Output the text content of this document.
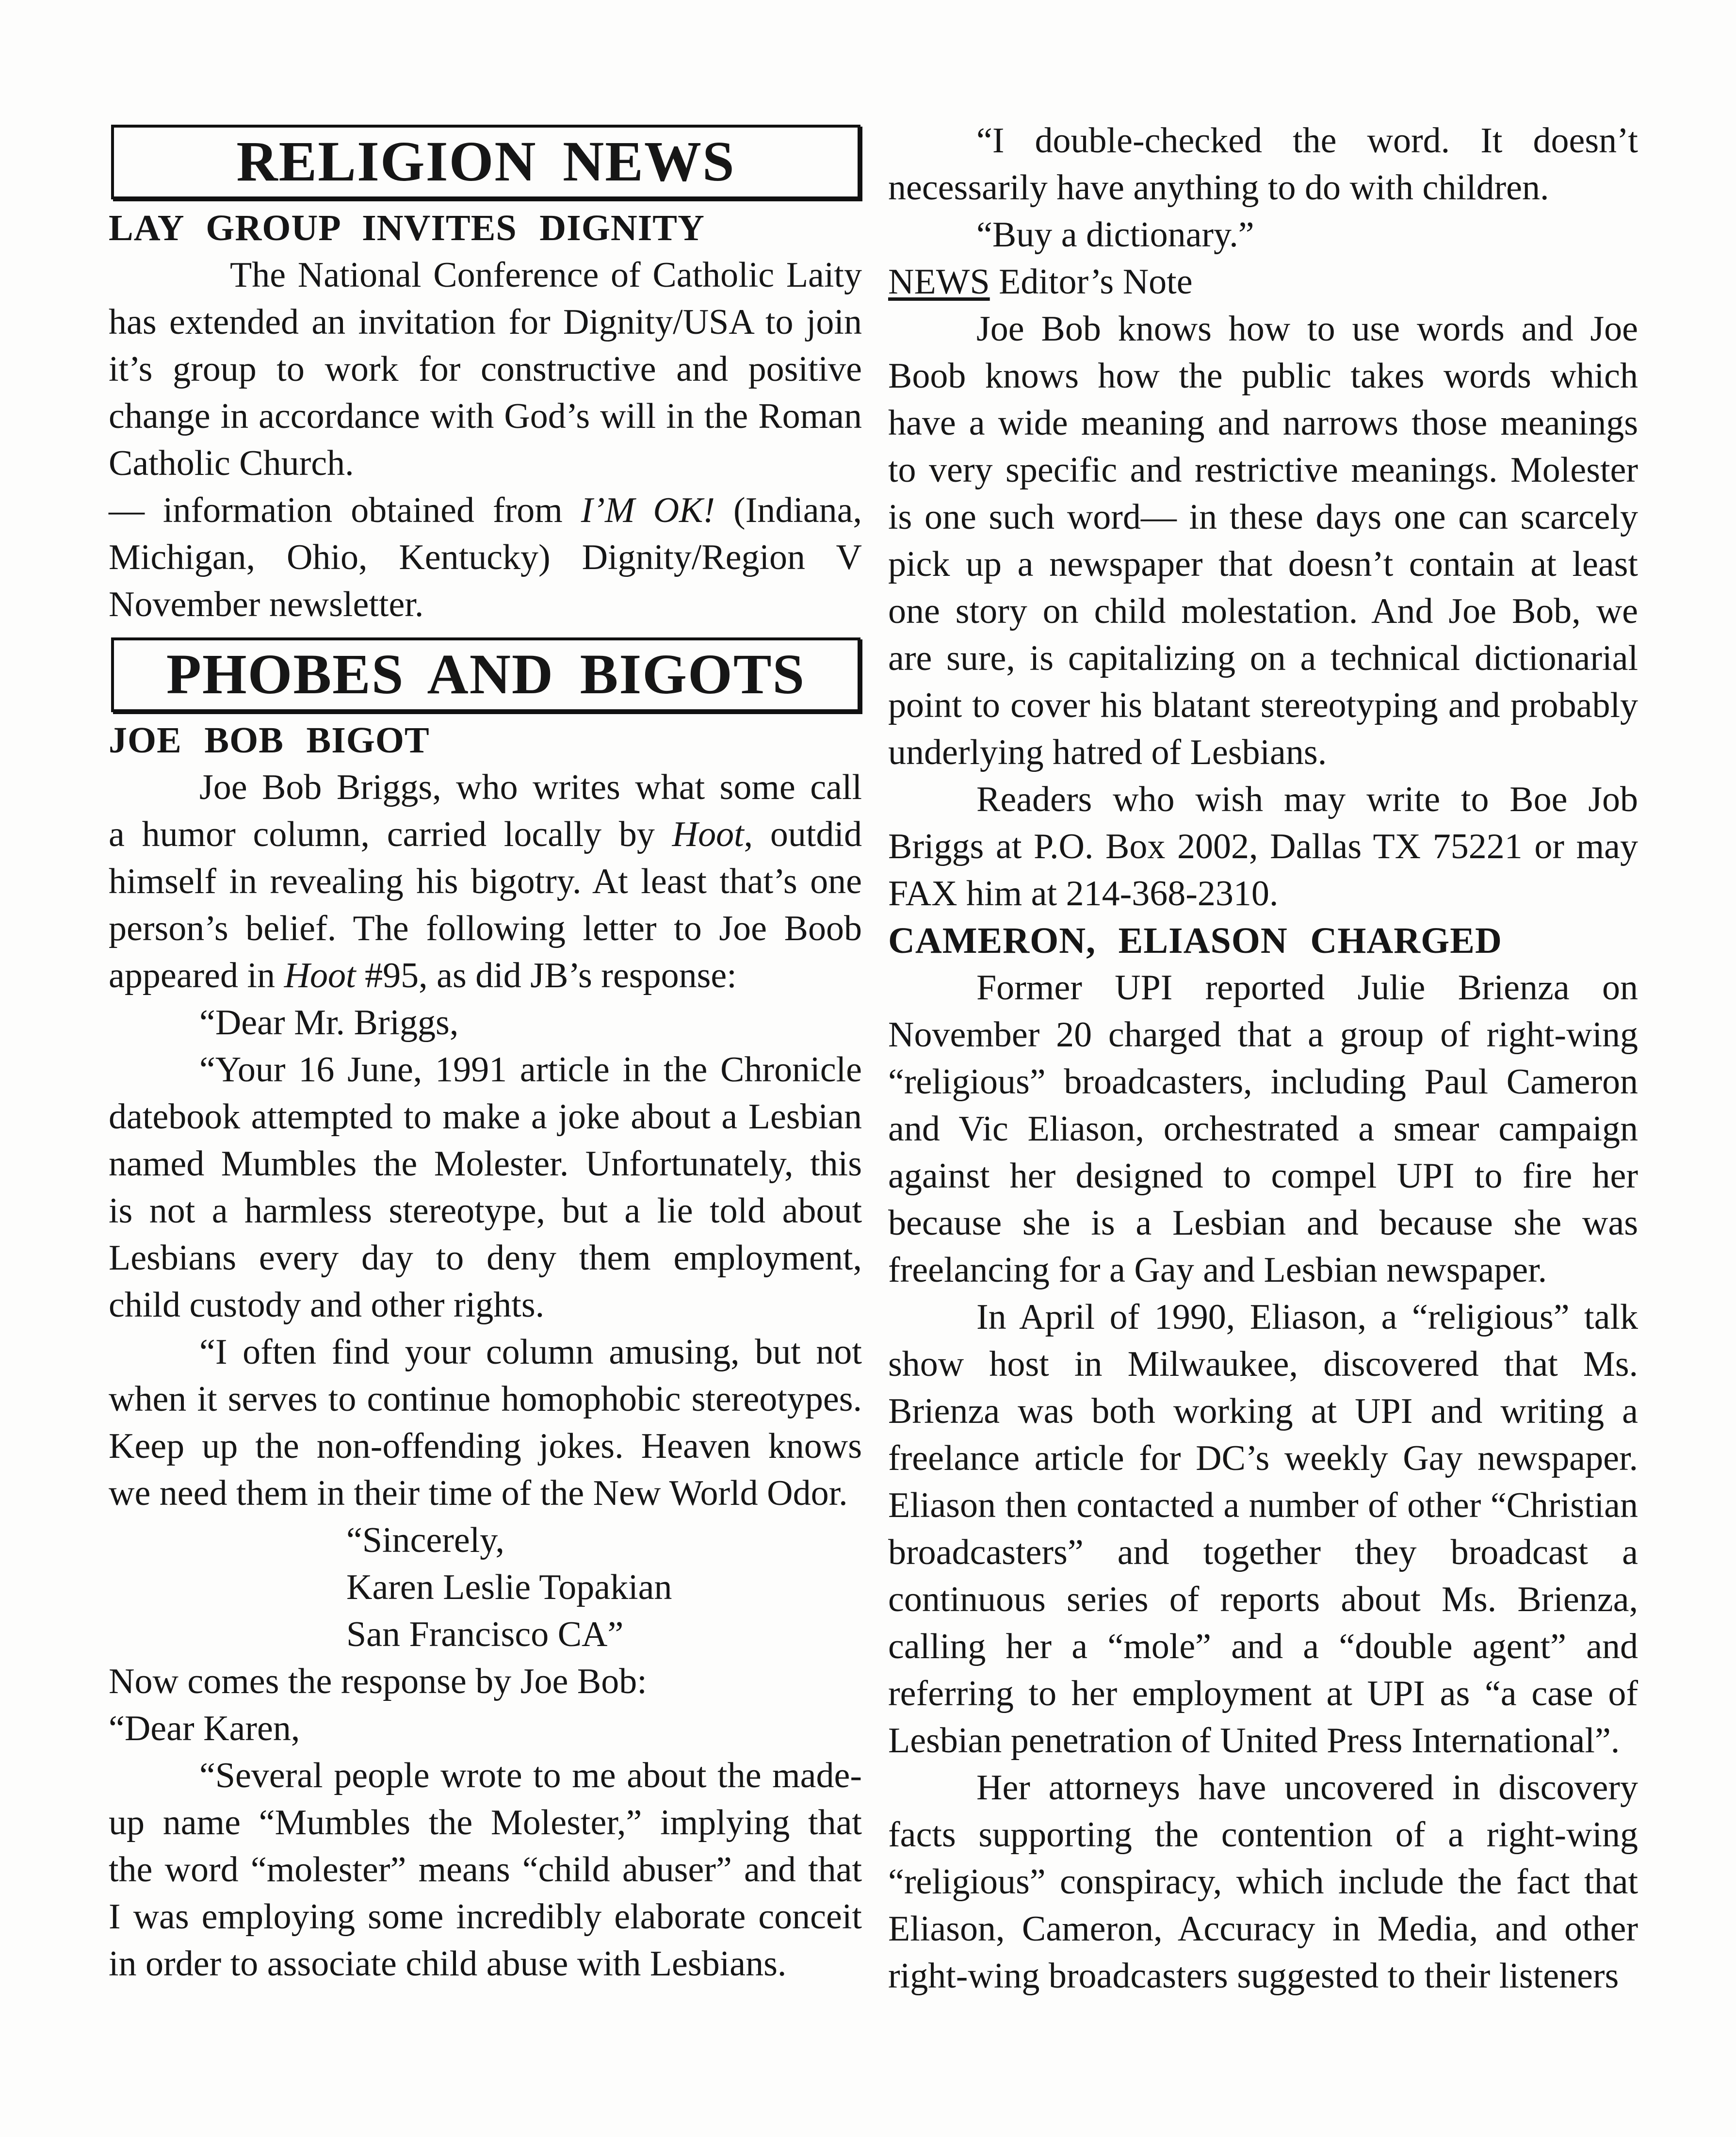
RELIGION NEWS
LAY GROUP INVITES DIGNITY
The National Conference of Catholic Laity
has extended an invitation for Dignity/USA to join
it’s group to work for constructive and positive
change in accordance with God’s will in the Roman
Catholic Church.
— information obtained from I’M OK! (Indiana,
Michigan, Ohio, Kentucky) Dignity/Region V
November newsletter.
PHOBES AND BIGOTS
JOE BOB BIGOT
Joe Bob Briggs, who writes what some call
a humor column, carried locally by Hoot, outdid
himself in revealing his bigotry. At least that’s one
person’s belief. The following letter to Joe Boob
appeared in Hoot #95, as did JB’s response:
“Dear Mr. Briggs,
“Your 16 June, 1991 article in the Chronicle
datebook attempted to make a joke about a Lesbian
named Mumbles the Molester. Unfortunately, this
is not a harmless stereotype, but a lie told about
Lesbians every day to deny them employment,
child custody and other rights.
“I often find your column amusing, but not
when it serves to continue homophobic stereotypes.
Keep up the non-offending jokes. Heaven knows
we need them in their time of the New World Odor.
“Sincerely,
Karen Leslie Topakian
San Francisco CA”
Now comes the response by Joe Bob:
“Dear Karen,
“Several people wrote to me about the made-
up name “Mumbles the Molester,” implying that
the word “molester” means “child abuser” and that
I was employing some incredibly elaborate conceit
in order to associate child abuse with Lesbians.
“I double-checked the word. It doesn’t
necessarily have anything to do with children.
“Buy a dictionary.”
NEWS Editor’s Note
Joe Bob knows how to use words and Joe
Boob knows how the public takes words which
have a wide meaning and narrows those meanings
to very specific and restrictive meanings. Molester
is one such word— in these days one can scarcely
pick up a newspaper that doesn’t contain at least
one story on child molestation. And Joe Bob, we
are sure, is capitalizing on a technical dictionarial
point to cover his blatant stereotyping and probably
underlying hatred of Lesbians.
Readers who wish may write to Boe Job
Briggs at P.O. Box 2002, Dallas TX 75221 or may
FAX him at 214-368-2310.
CAMERON, ELIASON CHARGED
Former UPI reported Julie Brienza on
November 20 charged that a group of right-wing
“religious” broadcasters, including Paul Cameron
and Vic Eliason, orchestrated a smear campaign
against her designed to compel UPI to fire her
because she is a Lesbian and because she was
freelancing for a Gay and Lesbian newspaper.
In April of 1990, Eliason, a “religious” talk
show host in Milwaukee, discovered that Ms.
Brienza was both working at UPI and writing a
freelance article for DC’s weekly Gay newspaper.
Eliason then contacted a number of other “Christian
broadcasters” and together they broadcast a
continuous series of reports about Ms. Brienza,
calling her a “mole” and a “double agent” and
referring to her employment at UPI as “a case of
Lesbian penetration of United Press International”.
Her attorneys have uncovered in discovery
facts supporting the contention of a right-wing
“religious” conspiracy, which include the fact that
Eliason, Cameron, Accuracy in Media, and other
right-wing broadcasters suggested to their listeners
